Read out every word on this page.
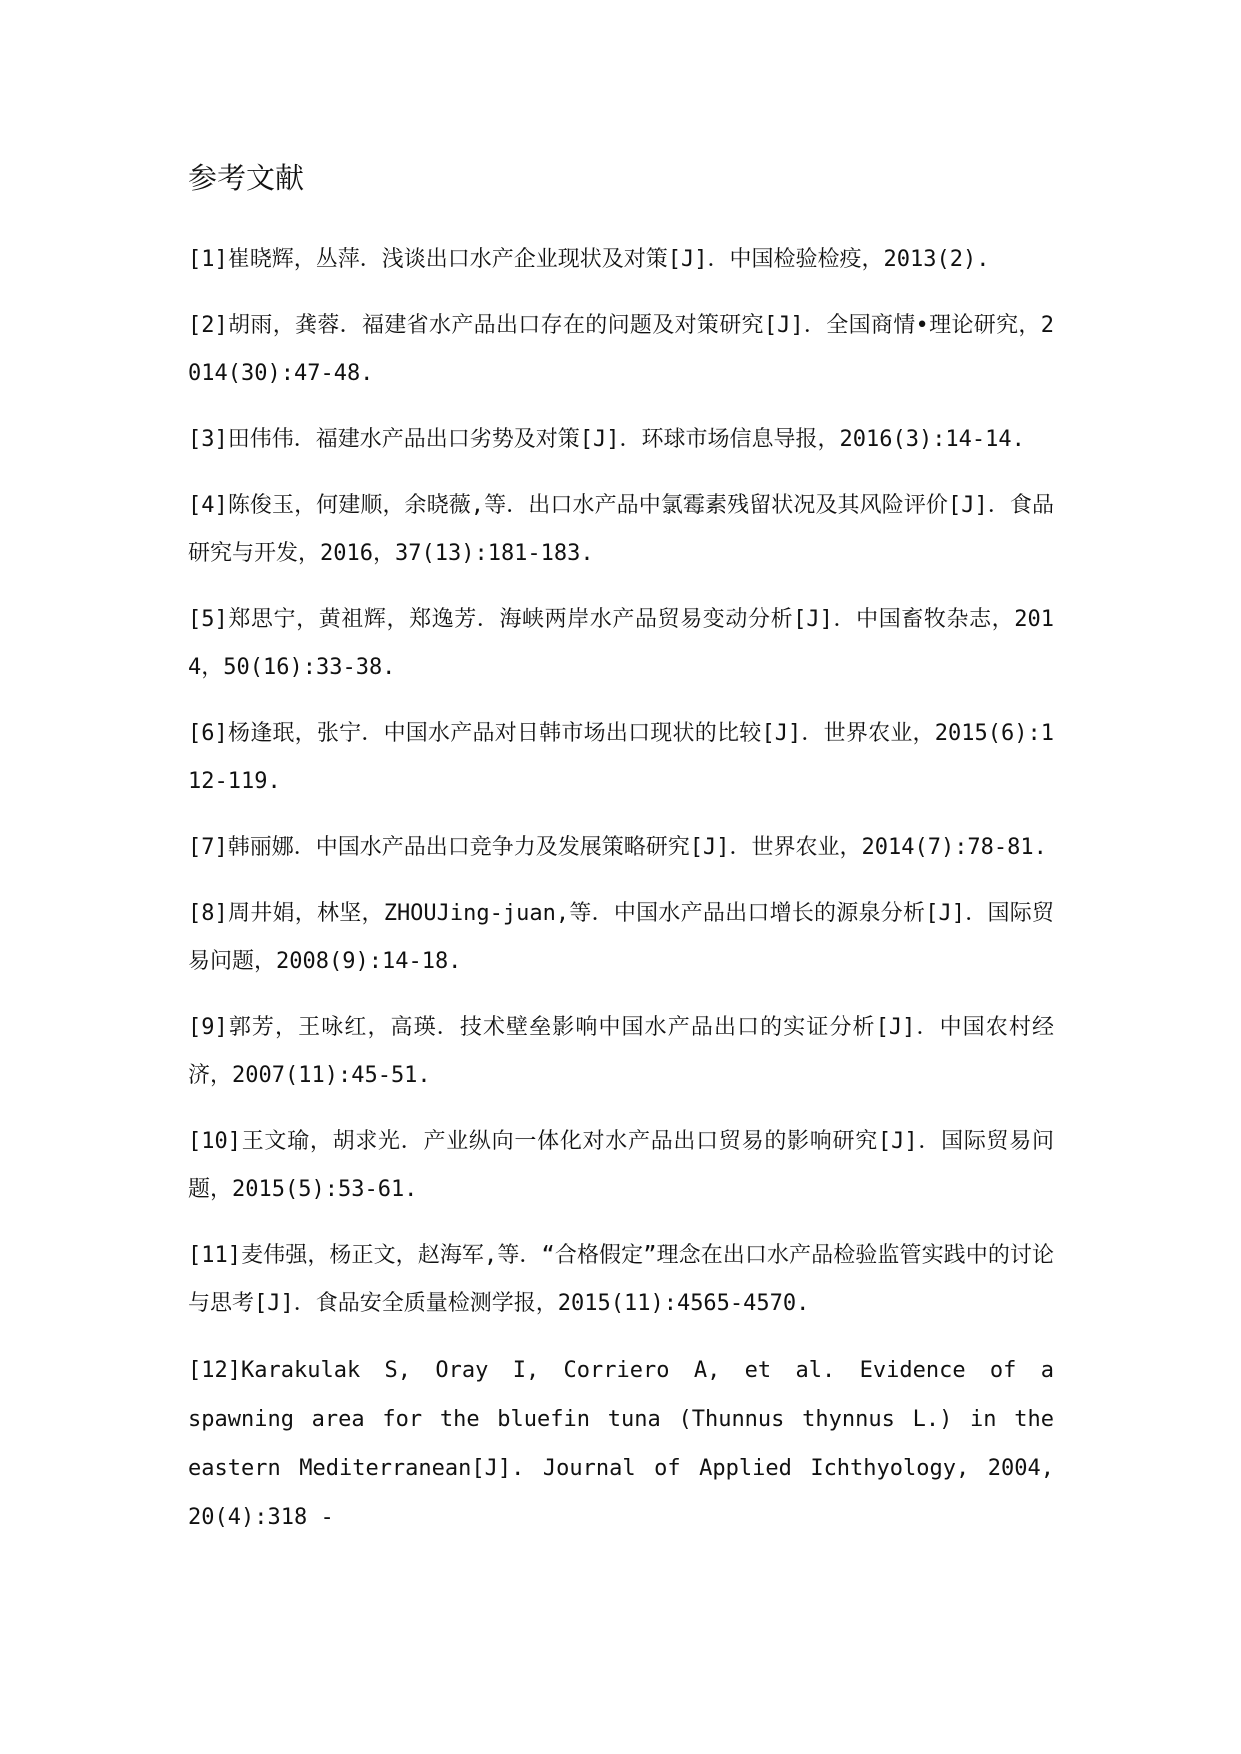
参考文献

[1]崔晓辉，丛萍．浅谈出口水产企业现状及对策[J]．中国检验检疫，2013(2).

[2]胡雨，龚蓉．福建省水产品出口存在的问题及对策研究[J]．全国商情•理论研究，2014(30):47-48.

[3]田伟伟．福建水产品出口劣势及对策[J]．环球市场信息导报，2016(3):14-14.

[4]陈俊玉，何建顺，余晓薇,等．出口水产品中氯霉素残留状况及其风险评价[J]．食品研究与开发，2016，37(13):181-183.

[5]郑思宁，黄祖辉，郑逸芳．海峡两岸水产品贸易变动分析[J]．中国畜牧杂志，2014，50(16):33-38.

[6]杨逢珉，张宁．中国水产品对日韩市场出口现状的比较[J]．世界农业，2015(6):112-119.

[7]韩丽娜．中国水产品出口竞争力及发展策略研究[J]．世界农业，2014(7):78-81.

[8]周井娟，林坚，ZHOUJing-juan,等．中国水产品出口增长的源泉分析[J]．国际贸易问题，2008(9):14-18.

[9]郭芳，王咏红，高瑛．技术壁垒影响中国水产品出口的实证分析[J]．中国农村经济，2007(11):45-51.

[10]王文瑜，胡求光．产业纵向一体化对水产品出口贸易的影响研究[J]．国际贸易问题，2015(5):53-61.

[11]麦伟强，杨正文，赵海军,等．“合格假定”理念在出口水产品检验监管实践中的讨论与思考[J]．食品安全质量检测学报，2015(11):4565-4570.

[12]Karakulak S, Oray I, Corriero A, et al. Evidence of a spawning area for the bluefin tuna (Thunnus thynnus L.) in the eastern Mediterranean[J]. Journal of Applied Ichthyology, 2004, 20(4):318 -
